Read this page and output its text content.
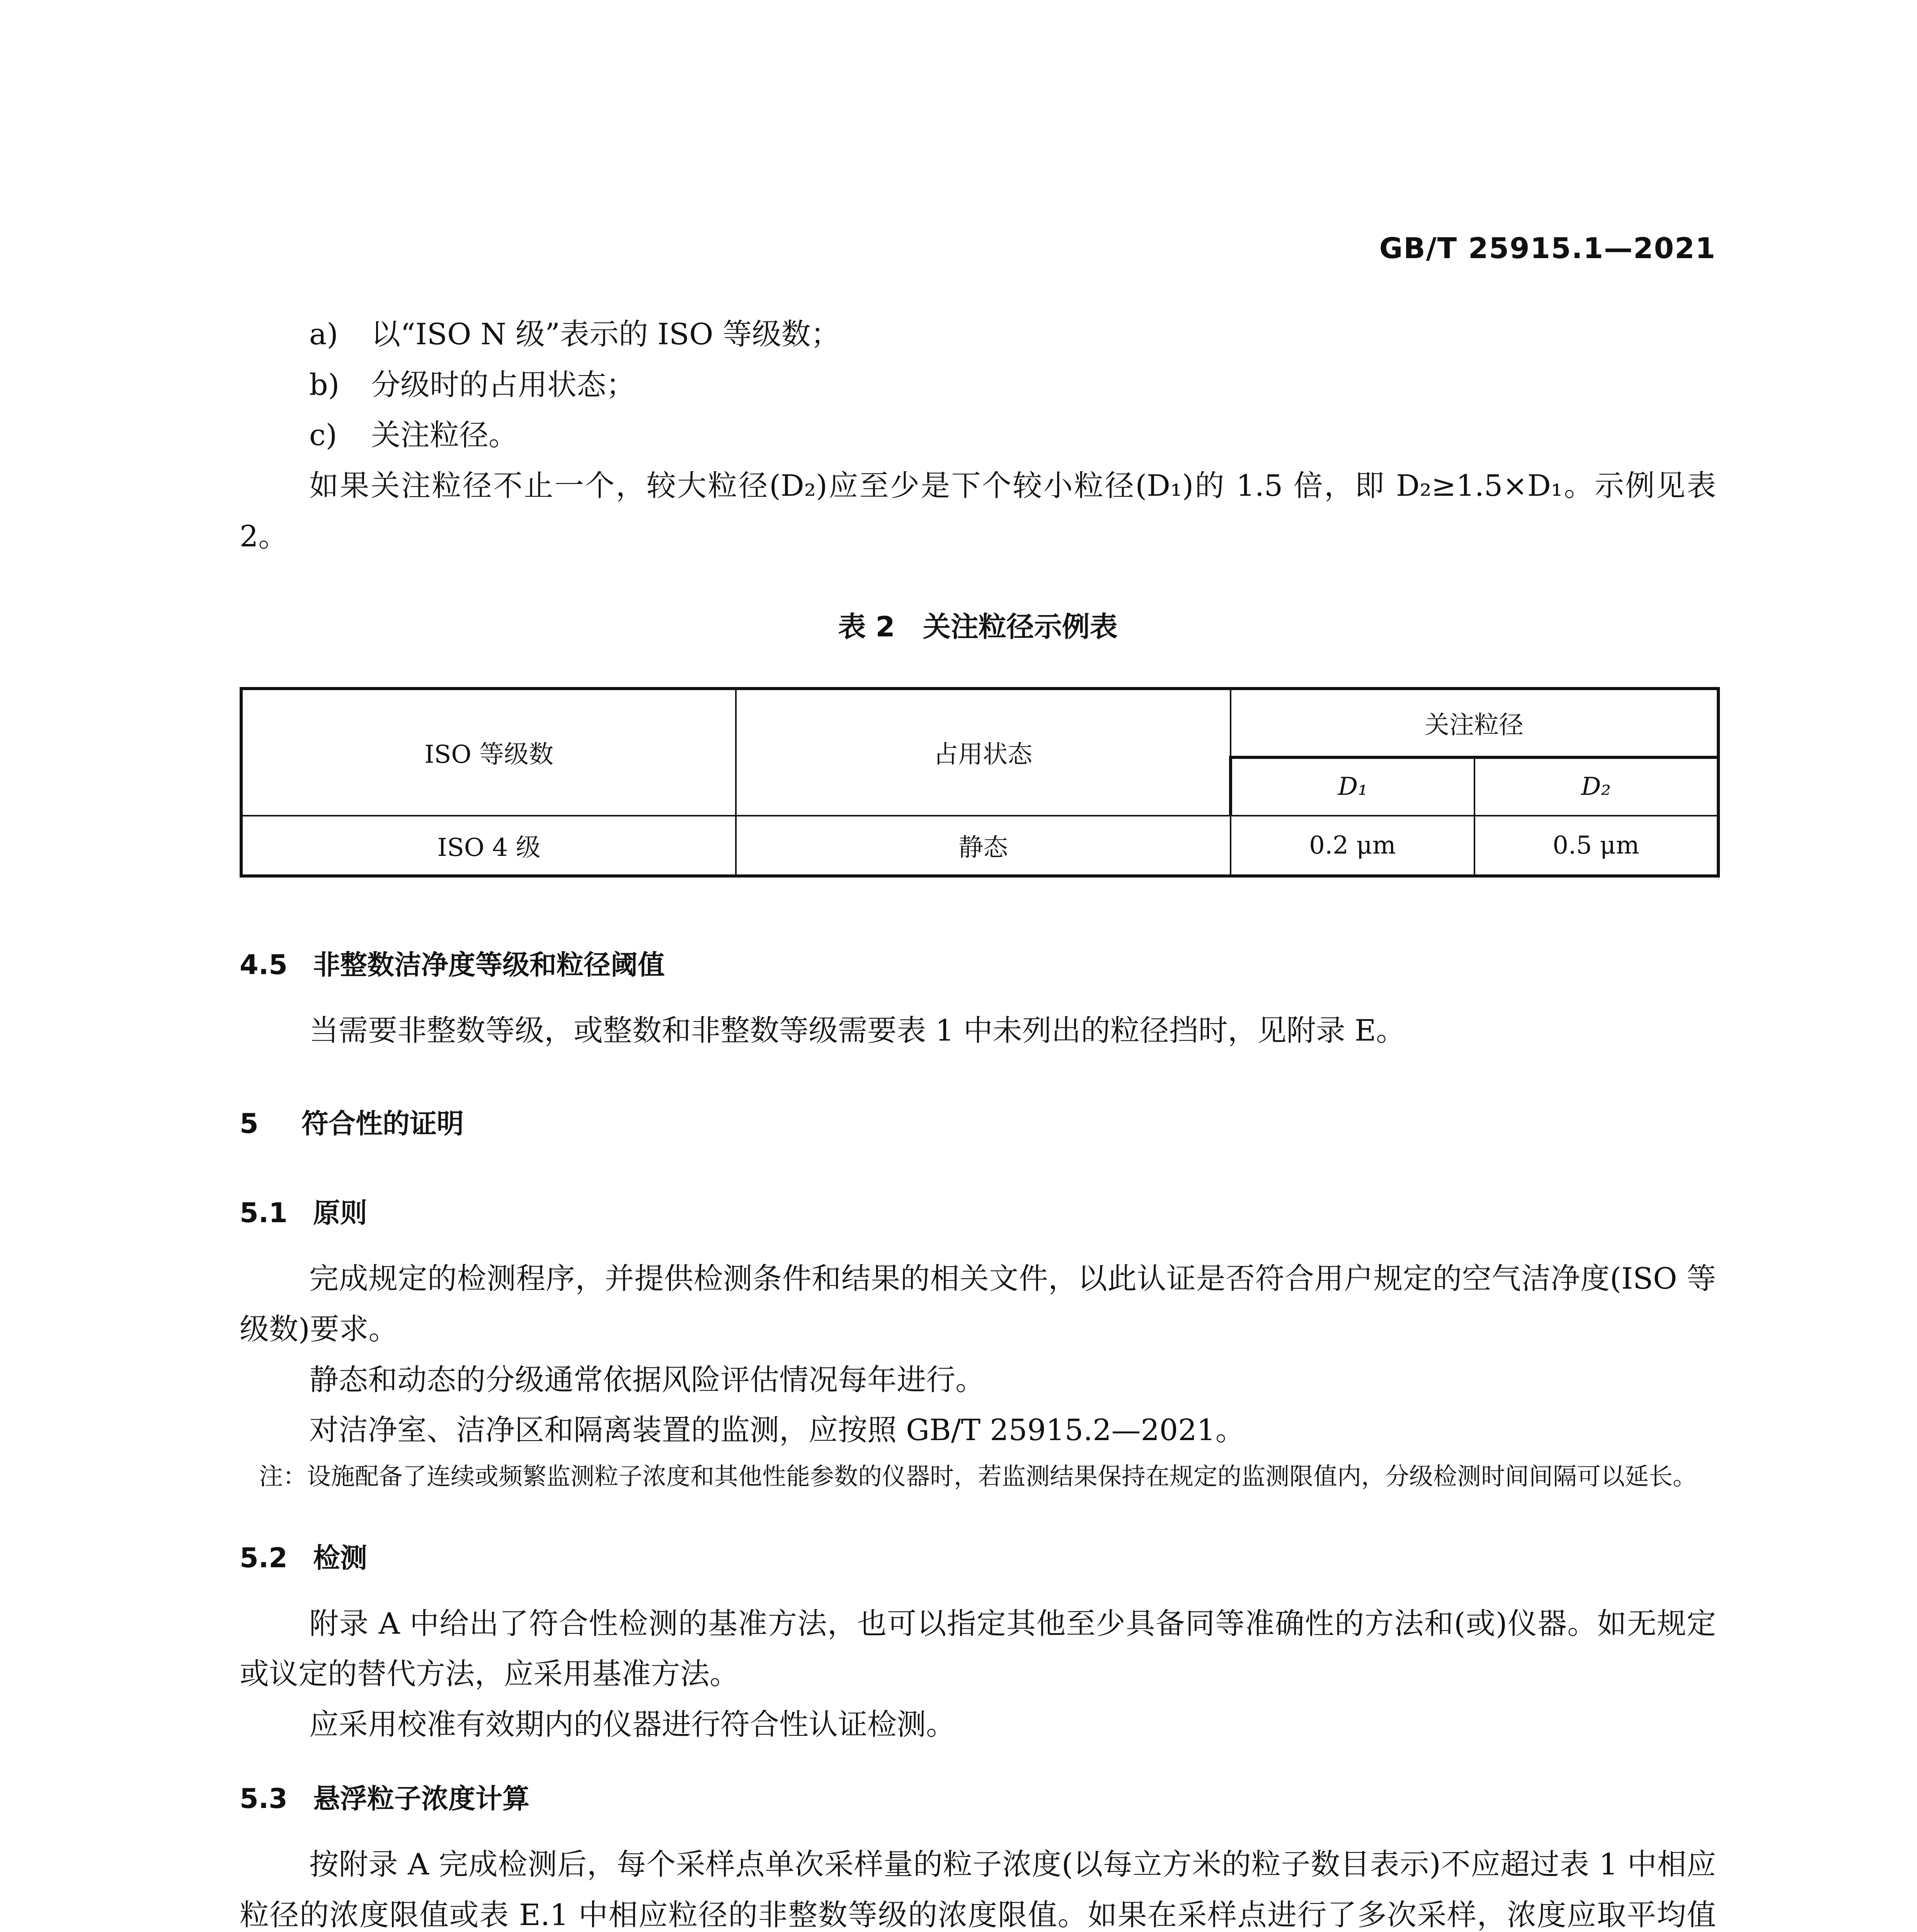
GB/T 25915.1—2021
a) 以“ISO N 级”表示的 ISO 等级数；
b) 分级时的占用状态；
c) 关注粒径。

如果关注粒径不止一个，较大粒径(D₂)应至少是下个较小粒径(D₁)的 1.5 倍，即 D₂≥1.5×D₁。示例见表 2。

表 2　关注粒径示例表
ISO 等级数	占用状态	关注粒径	
		D₁	D₂
ISO 4 级	静态	0.2 μm	0.5 μm

4.5 非整数洁净度等级和粒径阈值

当需要非整数等级，或整数和非整数等级需要表 1 中未列出的粒径挡时，见附录 E。

5 符合性的证明

5.1 原则

完成规定的检测程序，并提供检测条件和结果的相关文件，以此认证是否符合用户规定的空气洁净度(ISO 等级数)要求。

静态和动态的分级通常依据风险评估情况每年进行。

对洁净室、洁净区和隔离装置的监测，应按照 GB/T 25915.2—2021。

注：设施配备了连续或频繁监测粒子浓度和其他性能参数的仪器时，若监测结果保持在规定的监测限值内，分级检测时间间隔可以延长。

5.2 检测

附录 A 中给出了符合性检测的基准方法，也可以指定其他至少具备同等准确性的方法和(或)仪器。如无规定或议定的替代方法，应采用基准方法。

应采用校准有效期内的仪器进行符合性认证检测。

5.3 悬浮粒子浓度计算

按附录 A 完成检测后，每个采样点单次采样量的粒子浓度(以每立方米的粒子数目表示)不应超过表 1 中相应粒径的浓度限值或表 E.1 中相应粒径的非整数等级的浓度限值。如果在采样点进行了多次采样，浓度应取平均值
